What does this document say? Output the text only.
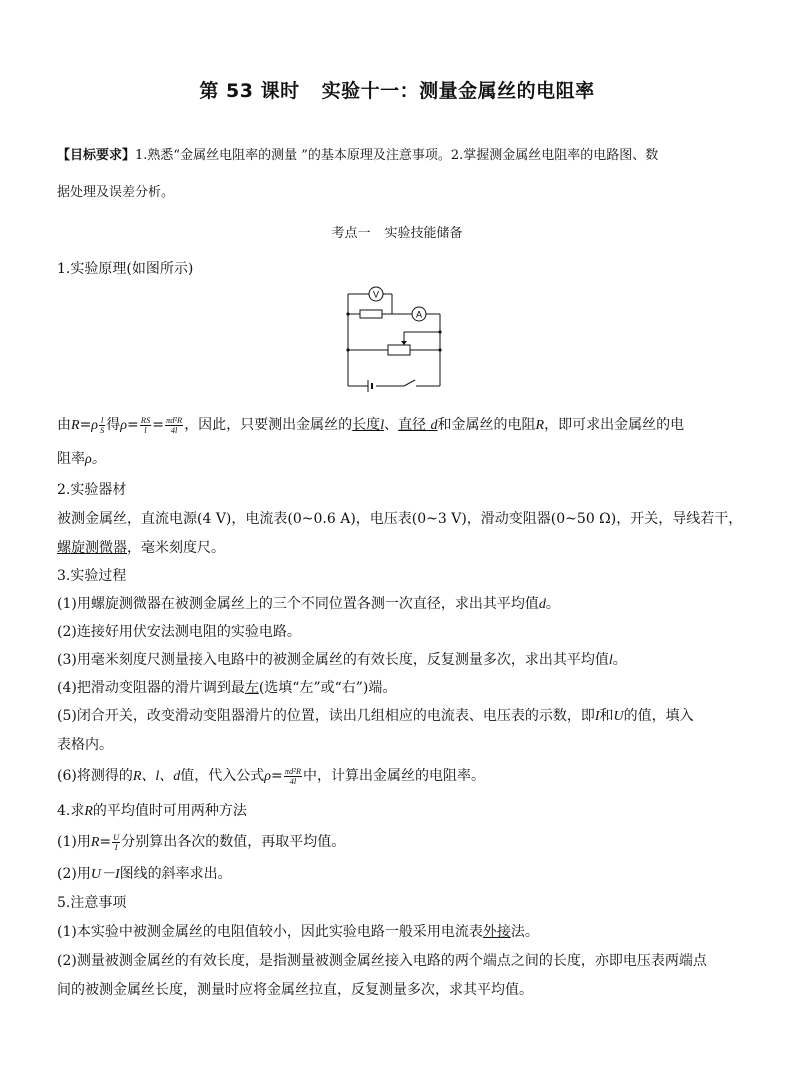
第 53 课时 实验十一：测量金属丝的电阻率
【目标要求】1.熟悉“金属丝电阻率的测量 ”的基本原理及注意事项。2.掌握测金属丝电阻率的电路图、数
据处理及误差分析。
考点一 实验技能储备
1.实验原理(如图所示)
V
A
由$R=\rho \frac{l}{S}$ 得$\rho= \frac{RS}{l} = \frac{\text{πd²R}}{4l}$ ，因此，只要测出金属丝的长度l、直径 d和金属丝的电阻R，即可求出金属丝的电
阻率ρ。
2.实验器材
被测金属丝，直流电源(4 V)，电流表(0~0.6 A)，电压表(0~3 V)，滑动变阻器(0~50 Ω)，开关，导线若干，
螺旋测微器，毫米刻度尺。
3.实验过程
(1)用螺旋测微器在被测金属丝上的三个不同位置各测一次直径，求出其平均值d。
(2)连接好用伏安法测电阻的实验电路。
(3)用毫米刻度尺测量接入电路中的被测金属丝的有效长度，反复测量多次，求出其平均值l。
(4)把滑动变阻器的滑片调到最左(选填“左”或“右”)端。
(5)闭合开关，改变滑动变阻器滑片的位置，读出几组相应的电流表、电压表的示数，即I和U的值，填入
表格内。
(6)将测得的R、l、d值，代入公式$\rho= \frac{\text{πd²R}}{4l}$ 中，计算出金属丝的电阻率。
4.求R的平均值时可用两种方法
(1)用$R= \frac{U}{I}$ 分别算出各次的数值，再取平均值。
(2)用U－I图线的斜率求出。
5.注意事项
(1)本实验中被测金属丝的电阻值较小，因此实验电路一般采用电流表外接法。
(2)测量被测金属丝的有效长度，是指测量被测金属丝接入电路的两个端点之间的长度，亦即电压表两端点
间的被测金属丝长度，测量时应将金属丝拉直，反复测量多次，求其平均值。
